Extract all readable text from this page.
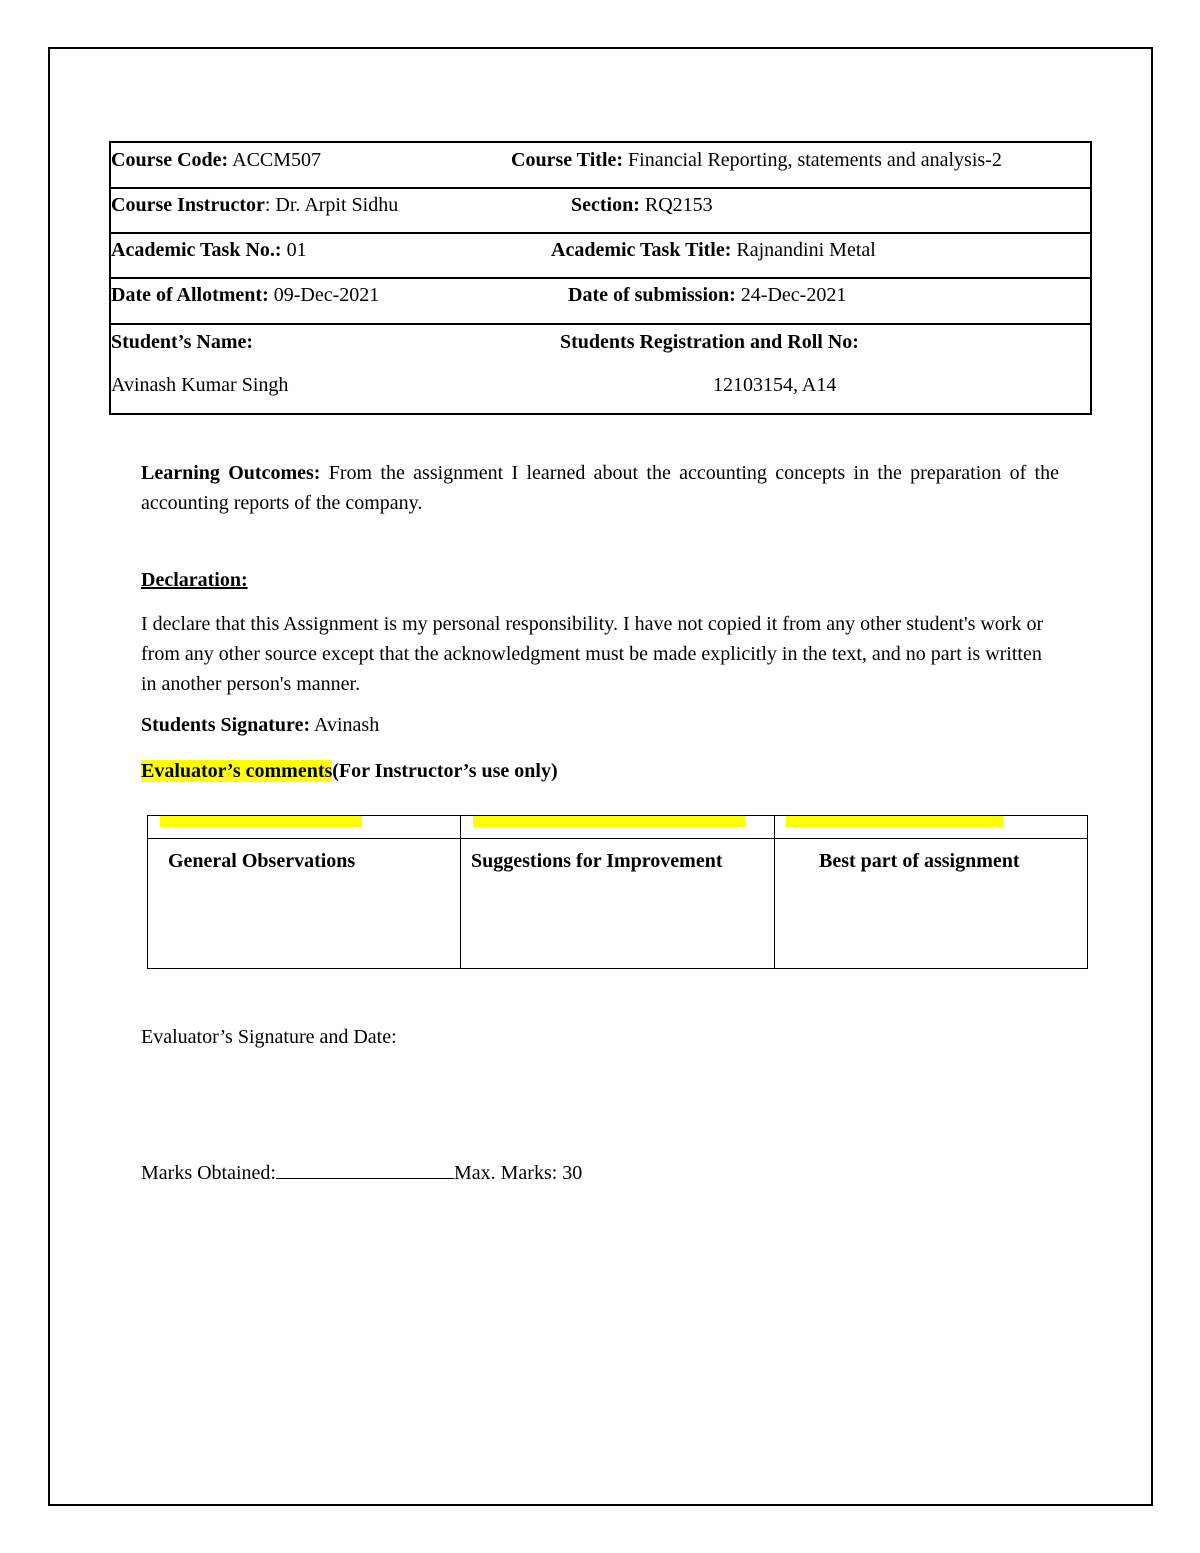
Course Code: ACCM507	Course Title: Financial Reporting, statements and analysis-2
Course Instructor: Dr. Arpit Sidhu	Section: RQ2153
Academic Task No.: 01	Academic Task Title: Rajnandini Metal
Date of Allotment: 09-Dec-2021	Date of submission: 24-Dec-2021
Student’s Name:	Students Registration and Roll No:
Avinash Kumar Singh	12103154, A14
Learning Outcomes: From the assignment I learned about the accounting concepts in the preparation of the accounting reports of the company.
Declaration:
I declare that this Assignment is my personal responsibility. I have not copied it from any other student's work or from any other source except that the acknowledgment must be made explicitly in the text, and no part is written in another person's manner.
Students Signature: Avinash
Evaluator’s comments(For Instructor’s use only)
General Observations	Suggestions for Improvement	Best part of assignment
Evaluator’s Signature and Date:
Marks Obtained:	Max. Marks: 30
